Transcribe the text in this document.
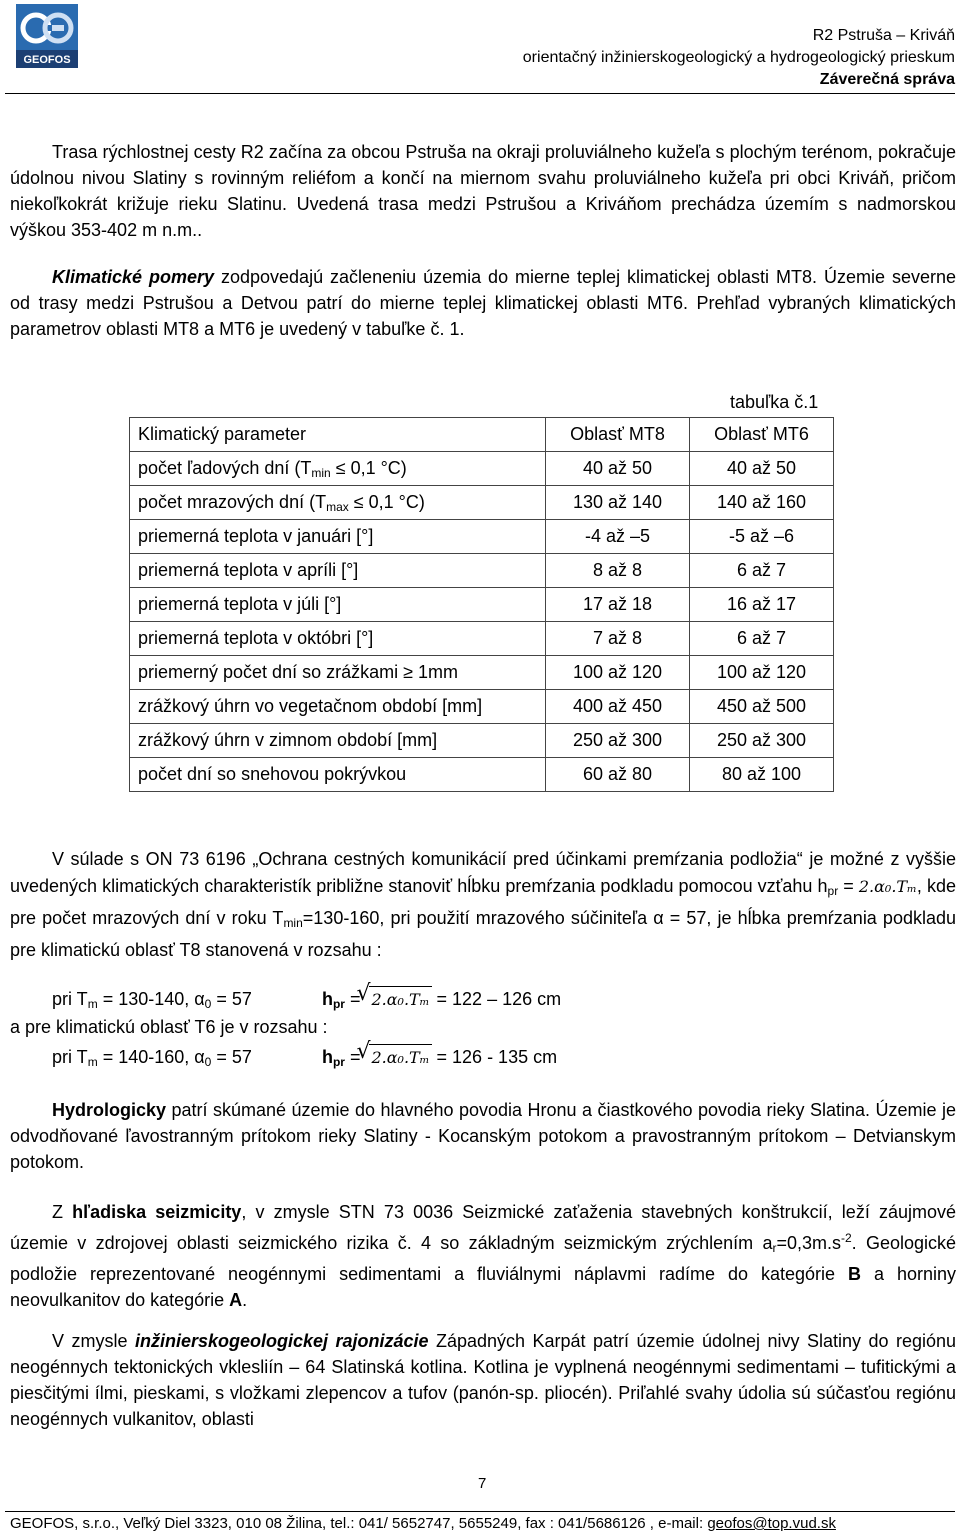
GEOFOS
R2 Pstruša – Kriváň
orientačný inžinierskogeologický a hydrogeologický prieskum
Záverečná správa
Trasa rýchlostnej cesty R2 začína za obcou Pstruša na okraji proluviálneho kužeľa s plochým terénom, pokračuje údolnou nivou Slatiny s rovinným reliéfom a končí na miernom svahu proluviálneho kužeľa pri obci Kriváň, pričom niekoľkokrát križuje rieku Slatinu. Uvedená trasa medzi Pstrušou a Kriváňom prechádza územím s nadmorskou výškou 353-402 m n.m..
Klimatické pomery zodpovedajú začleneniu územia do mierne teplej klimatickej oblasti MT8. Územie severne od trasy medzi Pstrušou a Detvou patrí do mierne teplej klimatickej oblasti MT6. Prehľad vybraných klimatických parametrov oblasti MT8 a MT6 je uvedený v tabuľke č. 1.
tabuľka č.1
Klimatický parameter	Oblasť MT8	Oblasť MT6
počet ľadových dní ($T_{min} \le 0,1$ °C)	40 až 50	40 až 50
počet mrazových dní ($T_{max} \le 0,1$ °C)	130 až 140	140 až 160
priemerná teplota v januári [°]	-4 až –5	-5 až –6
priemerná teplota v apríli [°]	8 až 8	6 až 7
priemerná teplota v júli [°]	17 až 18	16 až 17
priemerná teplota v októbri [°]	7 až 8	6 až 7
priemerný počet dní so zrážkami ≥ 1mm	100 až 120	100 až 120
zrážkový úhrn vo vegetačnom období [mm]	400 až 450	450 až 500
zrážkový úhrn v zimnom období [mm]	250 až 300	250 až 300
počet dní so snehovou pokrývkou	60 až 80	80 až 100
V súlade s ON 73 6196 „Ochrana cestných komunikácií pred účinkami premŕzania podložia“ je možné z vyššie uvedených klimatických charakteristík približne stanoviť hĺbku premŕzania podkladu pomocou vzťahu $h_{pr} = 2.\alpha_0.T_m$, kde pre počet mrazových dní v roku $T_{min}=130-160$, pri použití mrazového súčiniteľa α = 57, je hĺbka premŕzania podkladu pre klimatickú oblasť T8 stanovená v rozsahu :
pri $T_m = 130-140$, $\alpha_0 = 57$	$h_{pr}$ = √ 2.α₀.Tₘ = 122 – 126 cm
a pre klimatickú oblasť T6 je v rozsahu :
pri $T_m = 140-160$, $\alpha_0 = 57$	$h_{pr}$ = √ 2.α₀.Tₘ = 126 - 135 cm
Hydrologicky patrí skúmané územie do hlavného povodia Hronu a čiastkového povodia rieky Slatina. Územie je odvodňované ľavostranným prítokom rieky Slatiny - Kocanským potokom a pravostranným prítokom – Detvianskym potokom.
Z hľadiska seizmicity, v zmysle STN 73 0036 Seizmické zaťaženia stavebných konštrukcií, leží záujmové územie v zdrojovej oblasti seizmického rizika č. 4 so základným seizmickým zrýchlením $a_r=0,3m.s^{-2}$. Geologické podložie reprezentované neogénnymi sedimentami a fluviálnymi náplavmi radíme do kategórie B a horniny neovulkanitov do kategórie A.
V zmysle inžinierskogeologickej rajonizácie Západných Karpát patrí územie údolnej nivy Slatiny do regiónu neogénnych tektonických vklesliín – 64 Slatinská kotlina. Kotlina je vyplnená neogénnymi sedimentami – tufitickými a piesčitými ílmi, pieskami, s vložkami zlepencov a tufov (panón-sp. pliocén). Priľahlé svahy údolia sú súčasťou regiónu neogénnych vulkanitov, oblasti
7
GEOFOS, s.r.o., Veľký Diel 3323, 010 08 Žilina, tel.: 041/ 5652747, 5655249, fax : 041/5686126 , e-mail: geofos@top.vud.sk
